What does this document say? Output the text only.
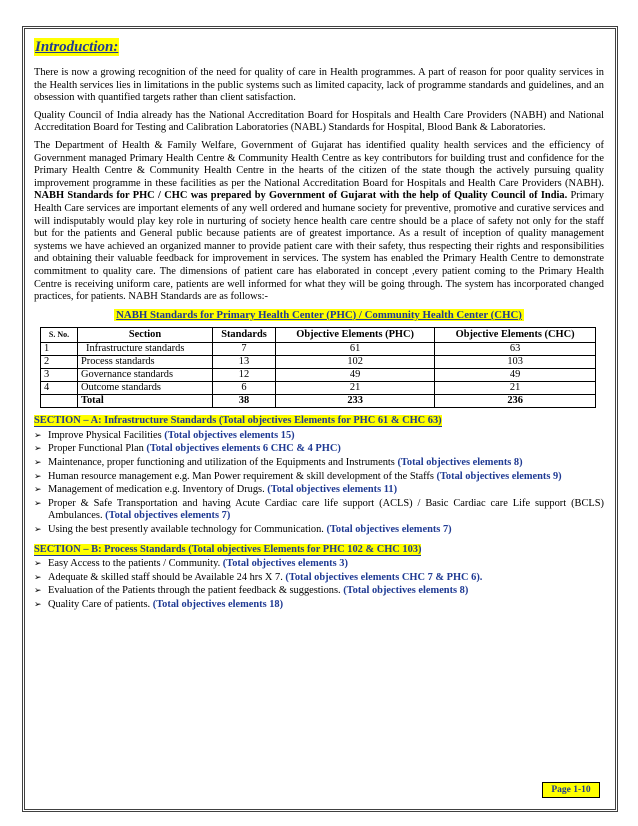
Introduction:

There is now a growing recognition of the need for quality of care in Health programmes. A part of reason for poor quality services in the Health services lies in limitations in the public systems such as limited capacity, lack of programme standards and guidelines, and an obsession with quantified targets rather than client satisfaction.

Quality Council of India already has the National Accreditation Board for Hospitals and Health Care Providers (NABH) and National Accreditation Board for Testing and Calibration Laboratories (NABL) Standards for Hospital, Blood Bank & Laboratories.

The Department of Health & Family Welfare, Government of Gujarat has identified quality health services and the efficiency of Government managed Primary Health Centre & Community Health Centre as key contributors for building trust and confidence for the Primary Health Centre & Community Health Centre in the hearts of the citizen of the state though the actively pursuing quality improvement programme in these facilities as per the National Accreditation Board for Hospitals and Health Care Providers (NABH). NABH Standards for PHC / CHC was prepared by Government of Gujarat with the help of Quality Council of India. Primary Health Care services are important elements of any well ordered and humane society for preventive, promotive and curative services and will indisputably would play key role in nurturing of society hence health care centre should be a place of safety not only for the staff but for the patients and General public because patients are of greatest importance. As a result of inception of quality management systems we have achieved an organized manner to provide patient care with their safety, thus respecting their rights and responsibilities and obtaining their valuable feedback for improvement in services. The system has enabled the Primary Health Centre to demonstrate commitment to quality care. The dimensions of patient care has elaborated in concept ,every patient coming to the Primary Health Centre is receiving uniform care, patients are well informed for what they will be going through. The system has incorporated changed practices, for patients. NABH Standards are as follows:-

NABH Standards for Primary Health Center (PHC) / Community Health Center (CHC)
S. No.	Section	Standards	Objective Elements (PHC)	Objective Elements (CHC)
1	Infrastructure standards	7	61	63
2	Process standards	13	102	103
3	Governance standards	12	49	49
4	Outcome standards	6	21	21
	Total	38	233	236
SECTION – A: Infrastructure Standards (Total objectives Elements for PHC 61 & CHC 63)
➢ Improve Physical Facilities (Total objectives elements 15)
➢ Proper Functional Plan (Total objectives elements 6 CHC & 4 PHC)
➢ Maintenance, proper functioning and utilization of the Equipments and Instruments (Total objectives elements 8)
➢ Human resource management e.g. Man Power requirement & skill development of the Staffs (Total objectives elements 9)
➢ Management of medication e.g. Inventory of Drugs. (Total objectives elements 11)
➢ Proper & Safe Transportation and having Acute Cardiac care life support (ACLS) / Basic Cardiac care Life support (BCLS) Ambulances. (Total objectives elements 7)
➢ Using the best presently available technology for Communication. (Total objectives elements 7)
SECTION – B: Process Standards (Total objectives Elements for PHC 102 & CHC 103)
➢ Easy Access to the patients / Community. (Total objectives elements 3)
➢ Adequate & skilled staff should be Available 24 hrs X 7. (Total objectives elements CHC 7 & PHC 6).
➢ Evaluation of the Patients through the patient feedback & suggestions. (Total objectives elements 8)
➢ Quality Care of patients. (Total objectives elements 18)
Page 1-10
